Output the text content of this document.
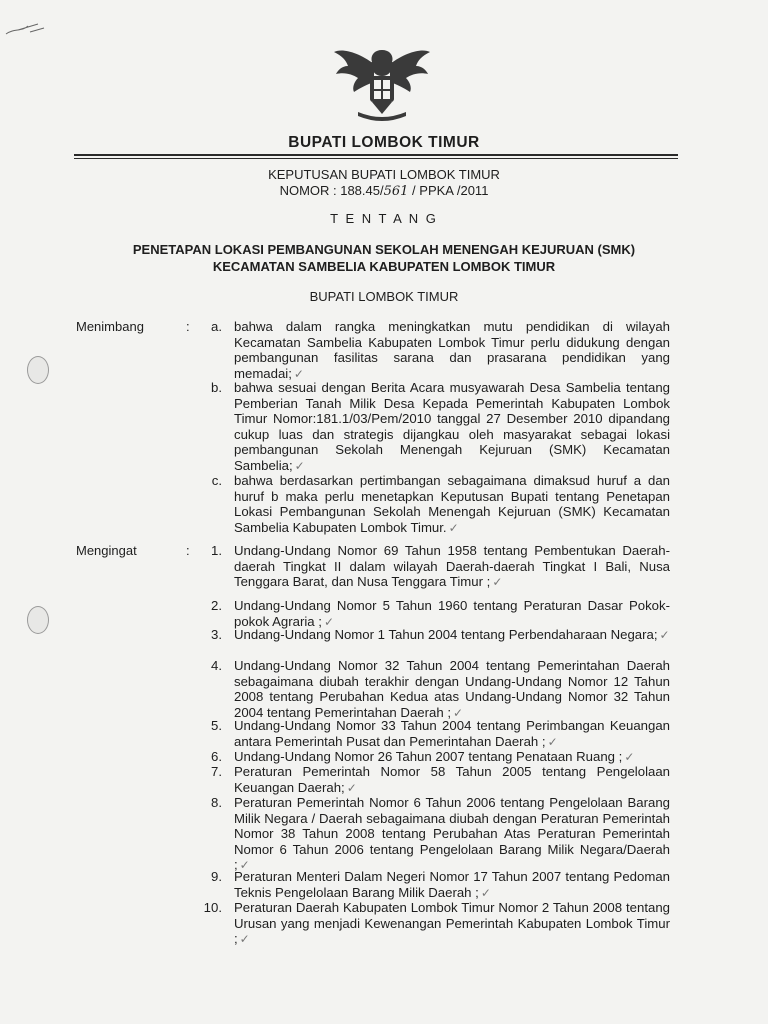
BUPATI LOMBOK TIMUR
KEPUTUSAN BUPATI LOMBOK TIMUR
NOMOR : 188.45/561 / PPKA /2011
T E N T A N G
PENETAPAN LOKASI PEMBANGUNAN SEKOLAH MENENGAH KEJURUAN (SMK)
KECAMATAN SAMBELIA KABUPATEN LOMBOK TIMUR
BUPATI LOMBOK TIMUR
Menimbang	:	a. bahwa dalam rangka meningkatkan mutu pendidikan di wilayah Kecamatan Sambelia Kabupaten Lombok Timur perlu didukung dengan pembangunan fasilitas sarana dan prasarana pendidikan yang memadai; ✓
b. bahwa sesuai dengan Berita Acara musyawarah Desa Sambelia tentang Pemberian Tanah Milik Desa Kepada Pemerintah Kabupaten Lombok Timur Nomor:181.1/03/Pem/2010 tanggal 27 Desember 2010 dipandang cukup luas dan strategis dijangkau oleh masyarakat sebagai lokasi pembangunan Sekolah Menengah Kejuruan (SMK) Kecamatan Sambelia; ✓
c. bahwa berdasarkan pertimbangan sebagaimana dimaksud huruf a dan huruf b maka perlu menetapkan Keputusan Bupati tentang Penetapan Lokasi Pembangunan Sekolah Menengah Kejuruan (SMK) Kecamatan Sambelia Kabupaten Lombok Timur. ✓
Mengingat	:	1. Undang-Undang Nomor 69 Tahun 1958 tentang Pembentukan Daerah-daerah Tingkat II dalam wilayah Daerah-daerah Tingkat I Bali, Nusa Tenggara Barat, dan Nusa Tenggara Timur ; ✓
2. Undang-Undang Nomor 5 Tahun 1960 tentang Peraturan Dasar Pokok-pokok Agraria ; ✓
3. Undang-Undang Nomor 1 Tahun 2004 tentang Perbendaharaan Negara; ✓
4. Undang-Undang Nomor 32 Tahun 2004 tentang Pemerintahan Daerah sebagaimana diubah terakhir dengan Undang-Undang Nomor 12 Tahun 2008 tentang Perubahan Kedua atas Undang-Undang Nomor 32 Tahun 2004 tentang Pemerintahan Daerah ; ✓
5. Undang-Undang Nomor 33 Tahun 2004 tentang Perimbangan Keuangan antara Pemerintah Pusat dan Pemerintahan Daerah ; ✓
6. Undang-Undang Nomor 26 Tahun 2007 tentang Penataan Ruang ; ✓
7. Peraturan Pemerintah Nomor 58 Tahun 2005 tentang Pengelolaan Keuangan Daerah; ✓
8. Peraturan Pemerintah Nomor 6 Tahun 2006 tentang Pengelolaan Barang Milik Negara / Daerah sebagaimana diubah dengan Peraturan Pemerintah Nomor 38 Tahun 2008 tentang Perubahan Atas Peraturan Pemerintah Nomor 6 Tahun 2006 tentang Pengelolaan Barang Milik Negara/Daerah ; ✓
9. Peraturan Menteri Dalam Negeri Nomor 17 Tahun 2007 tentang Pedoman Teknis Pengelolaan Barang Milik Daerah ; ✓
10. Peraturan Daerah Kabupaten Lombok Timur Nomor 2 Tahun 2008 tentang Urusan yang menjadi Kewenangan Pemerintah Kabupaten Lombok Timur ; ✓
